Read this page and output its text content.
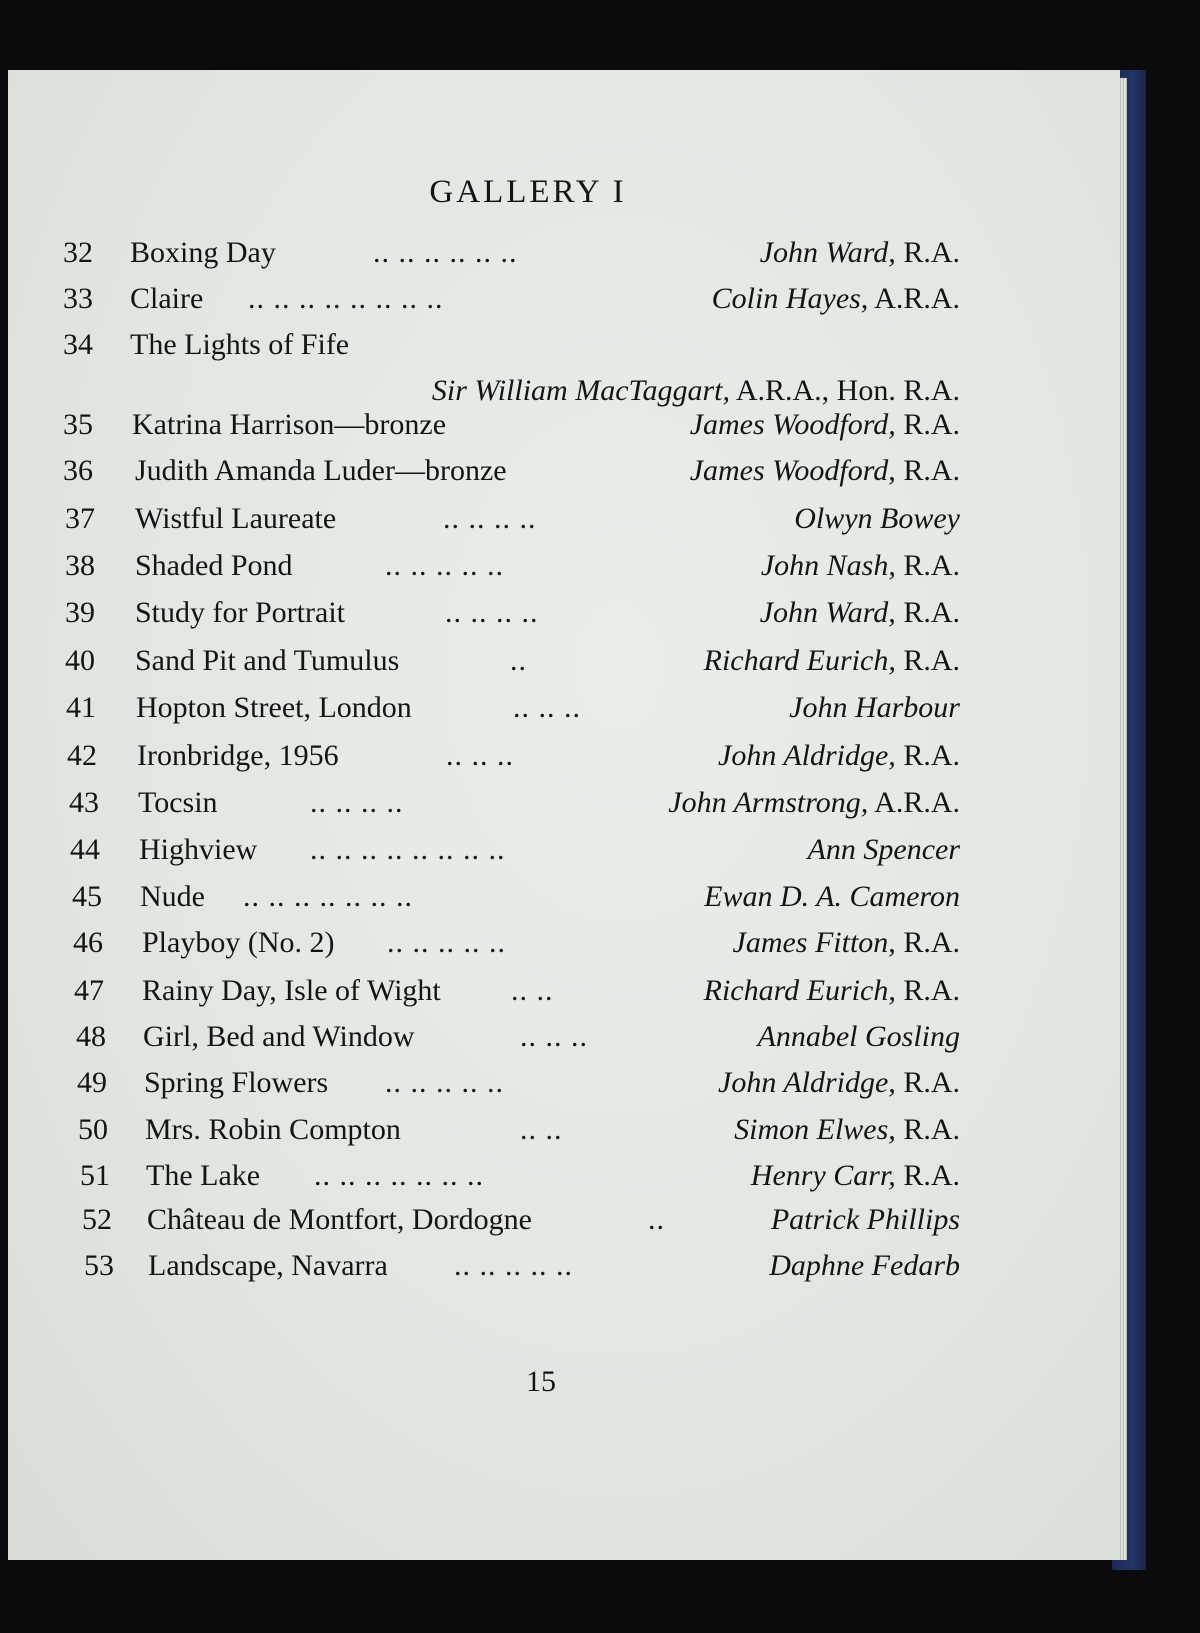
GALLERY I
32 Boxing Day	.. .. .. .. .. ..	John Ward, R.A.
33 Claire .. .. .. .. .. .. .. ..	Colin Hayes, A.R.A.
34 The Lights of Fife
Sir William MacTaggart, A.R.A., Hon. R.A.
35 Katrina Harrison—bronze	James Woodford, R.A.
36 Judith Amanda Luder—bronze	James Woodford, R.A.
37 Wistful Laureate	.. .. .. ..	Olwyn Bowey
38 Shaded Pond	.. .. .. .. ..	John Nash, R.A.
39 Study for Portrait	.. .. .. ..	John Ward, R.A.
40 Sand Pit and Tumulus	..	Richard Eurich, R.A.
41 Hopton Street, London	.. .. ..	John Harbour
42 Ironbridge, 1956	.. .. ..	John Aldridge, R.A.
43 Tocsin	.. .. .. ..	John Armstrong, A.R.A.
44 Highview .. .. .. .. .. .. .. ..	Ann Spencer
45 Nude .. .. .. .. .. .. ..	Ewan D. A. Cameron
46 Playboy (No. 2) .. .. .. .. ..	James Fitton, R.A.
47 Rainy Day, Isle of Wight .. ..	Richard Eurich, R.A.
48 Girl, Bed and Window	.. .. ..	Annabel Gosling
49 Spring Flowers .. .. .. .. ..	John Aldridge, R.A.
50 Mrs. Robin Compton	.. ..	Simon Elwes, R.A.
51 The Lake .. .. .. .. .. .. ..	Henry Carr, R.A.
52 Château de Montfort, Dordogne	..	Patrick Phillips
53 Landscape, Navarra .. .. .. .. ..	Daphne Fedarb
15
